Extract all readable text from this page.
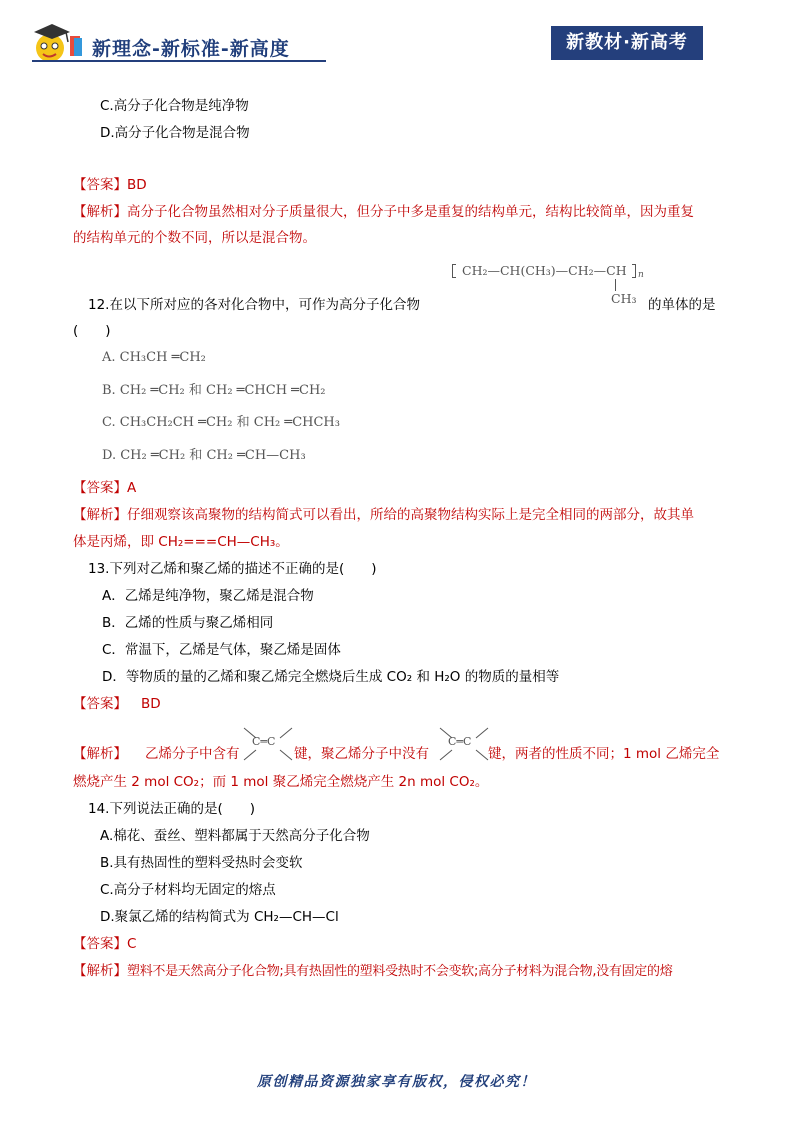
新理念-新标准-新高度	新教材·新高考
C.高分子化合物是纯净物
D.高分子化合物是混合物
【答案】BD
【解析】高分子化合物虽然相对分子质量很大，但分子中多是重复的结构单元，结构比较简单，因为重复
的结构单元的个数不同，所以是混合物。
CH₂—CH(CH₃)—CH₂—CH n
CH₃
12.在以下所对应的各对化合物中，可作为高分子化合物	的单体的是
(　　)
A. CH₃CH ═CH₂
B. CH₂ ═CH₂ 和 CH₂ ═CHCH ═CH₂
C. CH₃CH₂CH ═CH₂ 和 CH₂ ═CHCH₃
D. CH₂ ═CH₂ 和 CH₂ ═CH—CH₃
【答案】A
【解析】仔细观察该高聚物的结构简式可以看出，所给的高聚物结构实际上是完全相同的两部分，故其单
体是丙烯，即 CH₂===CH—CH₃。
13.下列对乙烯和聚乙烯的描述不正确的是(　　)
A．乙烯是纯净物，聚乙烯是混合物
B．乙烯的性质与聚乙烯相同
C．常温下，乙烯是气体，聚乙烯是固体
D．等物质的量的乙烯和聚乙烯完全燃烧后生成 CO₂ 和 H₂O 的物质的量相等
【答案】 BD
【解析】 乙烯分子中含有
C═C
键，聚乙烯分子中没有
C═C
键，两者的性质不同；1 mol 乙烯完全
燃烧产生 2 mol CO₂；而 1 mol 聚乙烯完全燃烧产生 2n mol CO₂。
14.下列说法正确的是(　　)
A.棉花、蚕丝、塑料都属于天然高分子化合物
B.具有热固性的塑料受热时会变软
C.高分子材料均无固定的熔点
D.聚氯乙烯的结构简式为 CH₂—CH—Cl
【答案】C
【解析】塑料不是天然高分子化合物;具有热固性的塑料受热时不会变软;高分子材料为混合物,没有固定的熔
原创精品资源独家享有版权，侵权必究！
